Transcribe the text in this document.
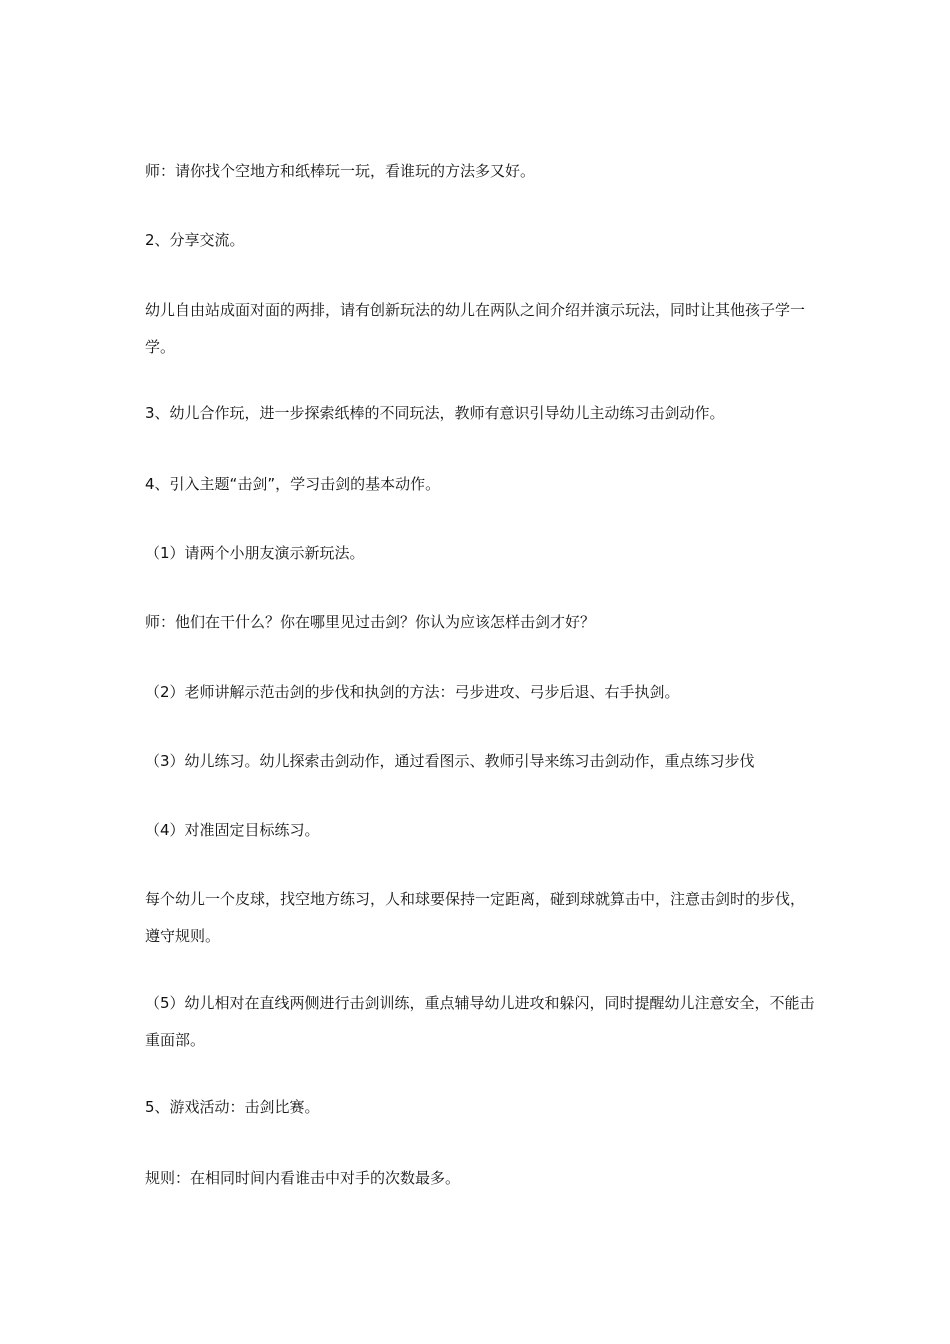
师：请你找个空地方和纸棒玩一玩，看谁玩的方法多又好。

2、分享交流。

幼儿自由站成面对面的两排，请有创新玩法的幼儿在两队之间介绍并演示玩法，同时让其他孩子学一学。

3、幼儿合作玩，进一步探索纸棒的不同玩法，教师有意识引导幼儿主动练习击剑动作。

4、引入主题“击剑”，学习击剑的基本动作。

（1）请两个小朋友演示新玩法。

师：他们在干什么？你在哪里见过击剑？你认为应该怎样击剑才好？

（2）老师讲解示范击剑的步伐和执剑的方法：弓步进攻、弓步后退、右手执剑。

（3）幼儿练习。幼儿探索击剑动作，通过看图示、教师引导来练习击剑动作，重点练习步伐

（4）对准固定目标练习。

每个幼儿一个皮球，找空地方练习，人和球要保持一定距离，碰到球就算击中，注意击剑时的步伐，遵守规则。

（5）幼儿相对在直线两侧进行击剑训练，重点辅导幼儿进攻和躲闪，同时提醒幼儿注意安全，不能击重面部。

5、游戏活动：击剑比赛。

规则：在相同时间内看谁击中对手的次数最多。
